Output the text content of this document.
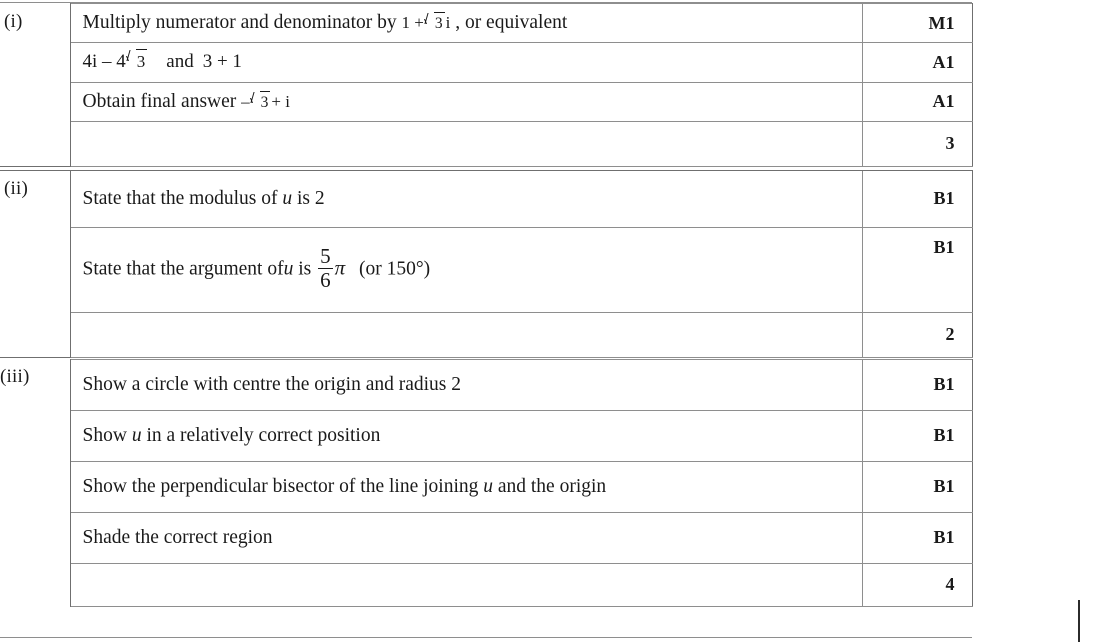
(i)	Multiply numerator and denominator by 1 + 3 i , or equivalent	M1
	4i – 4 3 and 3 + 1	A1
	Obtain final answer – 3 + i	A1
		3

(ii)	State that the modulus of u is 2	B1
	State that the argument ofu is $\frac{5}{6}$ π (or 150°)	B1
		2

(iii)	Show a circle with centre the origin and radius 2	B1
	Show u in a relatively correct position	B1
	Show the perpendicular bisector of the line joining u and the origin	B1
	Shade the correct region	B1
		4
